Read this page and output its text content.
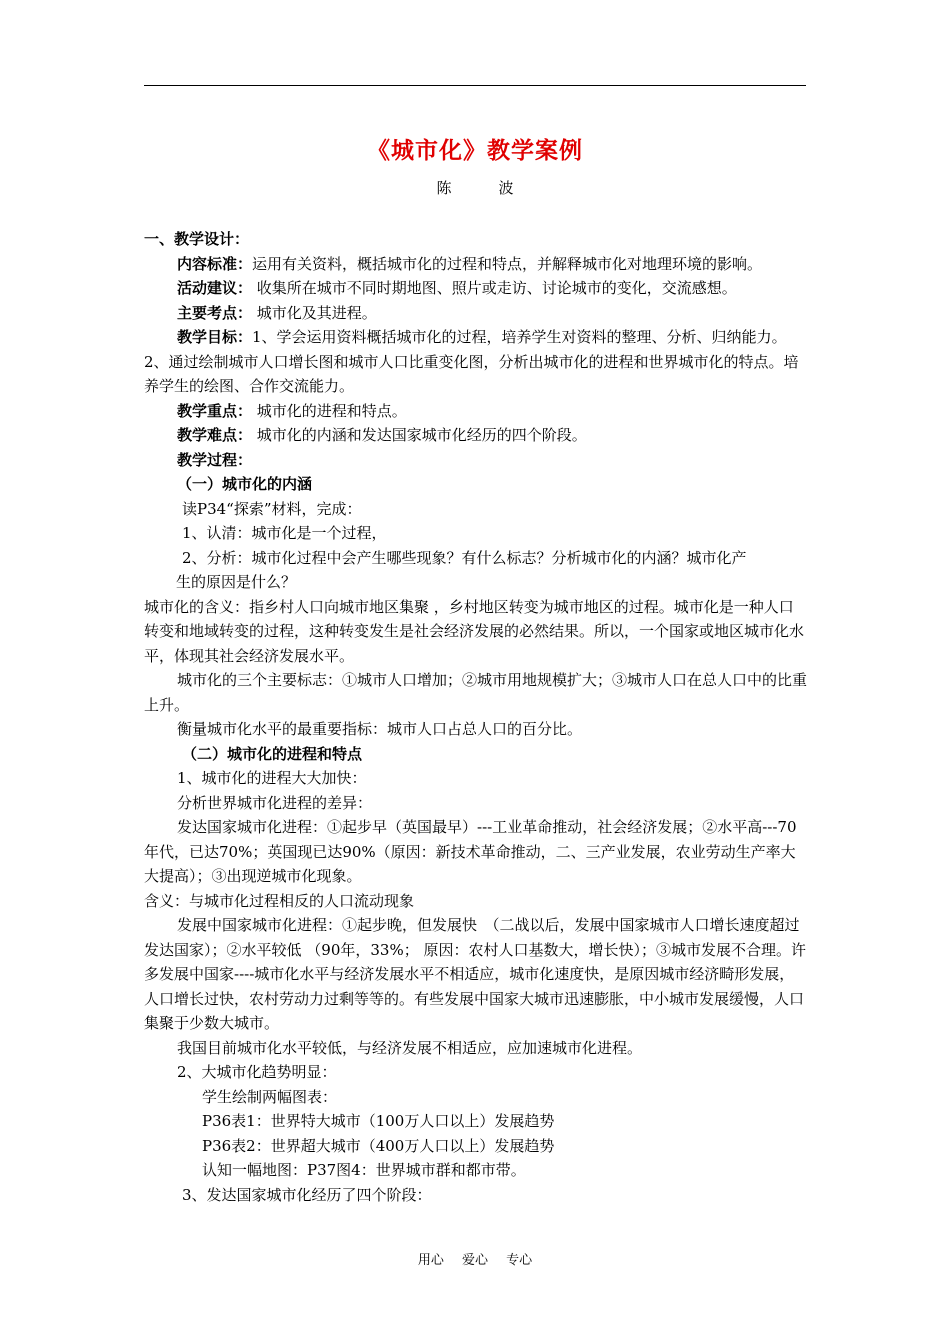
《城市化》教学案例
陈　波

一、教学设计：

内容标准：运用有关资料，概括城市化的过程和特点，并解释城市化对地理环境的影响。

活动建议： 收集所在城市不同时期地图、照片或走访、讨论城市的变化，交流感想。

主要考点： 城市化及其进程。

教学目标：1、学会运用资料概括城市化的过程，培养学生对资料的整理、分析、归纳能力。

2、通过绘制城市人口增长图和城市人口比重变化图，分析出城市化的进程和世界城市化的特点。培养学生的绘图、合作交流能力。

教学重点： 城市化的进程和特点。

教学难点： 城市化的内涵和发达国家城市化经历的四个阶段。

教学过程：

（一）城市化的内涵

读P34“探索”材料，完成：

1、认清：城市化是一个过程，

2、分析：城市化过程中会产生哪些现象？有什么标志？分析城市化的内涵？城市化产

生的原因是什么？

城市化的含义：指乡村人口向城市地区集聚 ，乡村地区转变为城市地区的过程。城市化是一种人口转变和地域转变的过程，这种转变发生是社会经济发展的必然结果。所以，一个国家或地区城市化水平，体现其社会经济发展水平。

城市化的三个主要标志：①城市人口增加；②城市用地规模扩大；③城市人口在总人口中的比重上升。

衡量城市化水平的最重要指标：城市人口占总人口的百分比。

（二）城市化的进程和特点

1、城市化的进程大大加快：

分析世界城市化进程的差异：

发达国家城市化进程：①起步早（英国最早）---工业革命推动，社会经济发展；②水平高---70年代，已达70%；英国现已达90%（原因：新技术革命推动，二、三产业发展，农业劳动生产率大大提高）；③出现逆城市化现象。

含义：与城市化过程相反的人口流动现象

发展中国家城市化进程：①起步晚，但发展快　（二战以后，发展中国家城市人口增长速度超过发达国家）；②水平较低 （90年，33%； 原因：农村人口基数大，增长快）；③城市发展不合理。许多发展中国家----城市化水平与经济发展水平不相适应，城市化速度快，是原因城市经济畸形发展，人口增长过快，农村劳动力过剩等等的。有些发展中国家大城市迅速膨胀，中小城市发展缓慢，人口集聚于少数大城市。

我国目前城市化水平较低，与经济发展不相适应，应加速城市化进程。

2、大城市化趋势明显：

学生绘制两幅图表：

P36表1：世界特大城市（100万人口以上）发展趋势

P36表2：世界超大城市（400万人口以上）发展趋势

认知一幅地图：P37图4：世界城市群和都市带。

3、发达国家城市化经历了四个阶段：

用心 爱心 专心
